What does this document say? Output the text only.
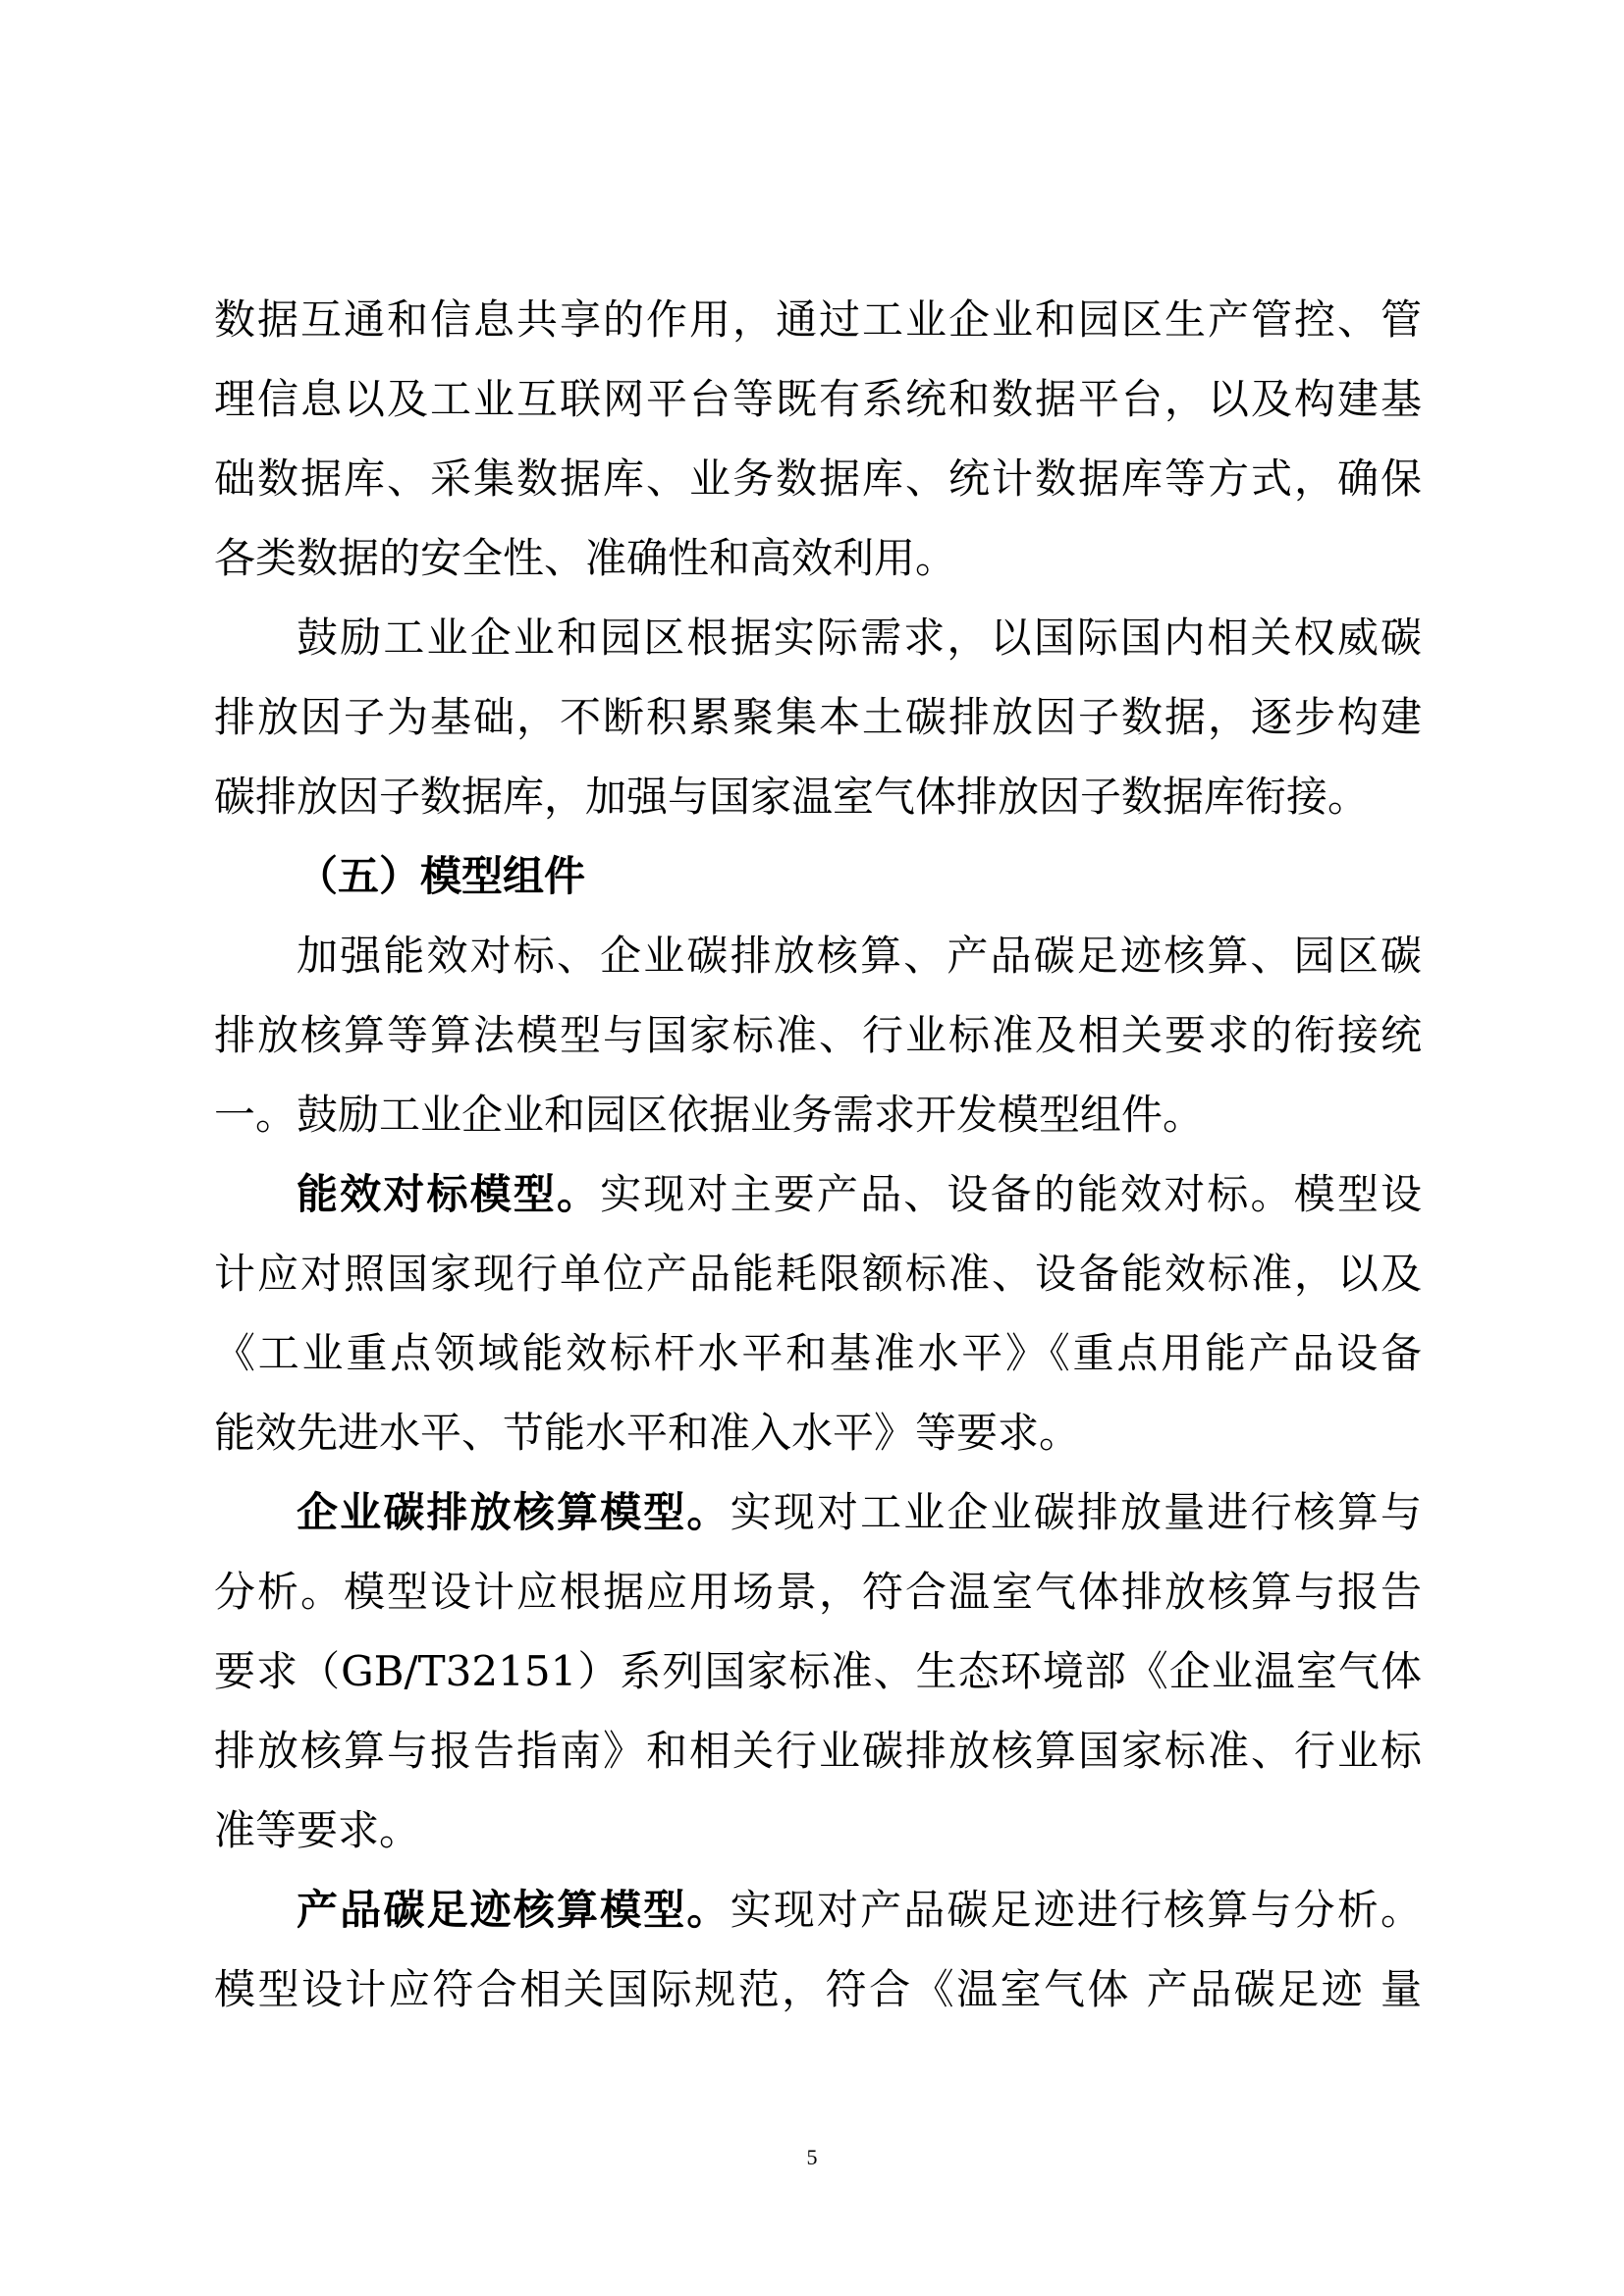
数据互通和信息共享的作用，通过工业企业和园区生产管控、管
理信息以及工业互联网平台等既有系统和数据平台，以及构建基
础数据库、采集数据库、业务数据库、统计数据库等方式，确保
各类数据的安全性、准确性和高效利用。
鼓励工业企业和园区根据实际需求，以国际国内相关权威碳
排放因子为基础，不断积累聚集本土碳排放因子数据，逐步构建
碳排放因子数据库，加强与国家温室气体排放因子数据库衔接。
（五）模型组件
加强能效对标、企业碳排放核算、产品碳足迹核算、园区碳
排放核算等算法模型与国家标准、行业标准及相关要求的衔接统
一。鼓励工业企业和园区依据业务需求开发模型组件。
能效对标模型。实现对主要产品、设备的能效对标。模型设
计应对照国家现行单位产品能耗限额标准、设备能效标准，以及
《工业重点领域能效标杆水平和基准水平》《重点用能产品设备
能效先进水平、节能水平和准入水平》等要求。
企业碳排放核算模型。实现对工业企业碳排放量进行核算与
分析。模型设计应根据应用场景，符合温室气体排放核算与报告
要求（GB/T32151）系列国家标准、生态环境部《企业温室气体
排放核算与报告指南》和相关行业碳排放核算国家标准、行业标
准等要求。
产品碳足迹核算模型。实现对产品碳足迹进行核算与分析。
模型设计应符合相关国际规范，符合《温室气体 产品碳足迹 量
5
